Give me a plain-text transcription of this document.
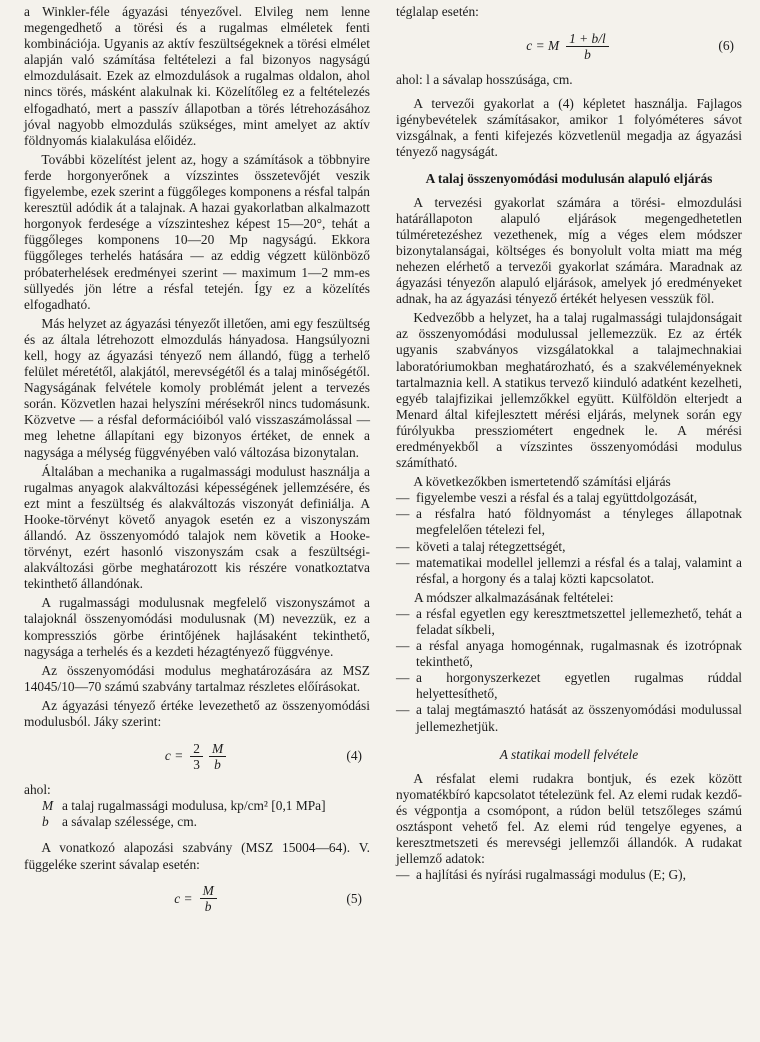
a Winkler-féle ágyazási tényezővel. Elvileg nem lenne megengedhető a törési és a rugalmas elméletek fenti kombinációja. Ugyanis az aktív feszültségeknek a törési elmélet alapján való számítása feltételezi a fal bizonyos nagyságú elmozdulásait. Ezek az elmozdulások a rugalmas oldalon, ahol nincs törés, másként alakulnak ki. Közelítőleg ez a feltételezés elfogadható, mert a passzív állapotban a törés létrehozásához jóval nagyobb elmozdulás szükséges, mint amelyet az aktív földnyomás kialakulása előidéz.

További közelítést jelent az, hogy a számítások a többnyire ferde horgonyerőnek a vízszintes összetevőjét veszik figyelembe, ezek szerint a függőleges komponens a résfal talpán keresztül adódik át a talajnak. A hazai gyakorlatban alkalmazott horgonyok ferdesége a vízszinteshez képest 15—20°, tehát a függőleges komponens 10—20 Mp nagyságú. Ekkora függőleges terhelés hatására — az eddig végzett különböző próbaterhelések eredményei szerint — maximum 1—2 mm-es süllyedés jön létre a résfal tetején. Így ez a közelítés elfogadható.

Más helyzet az ágyazási tényezőt illetően, ami egy feszültség és az általa létrehozott elmozdulás hányadosa. Hangsúlyozni kell, hogy az ágyazási tényező nem állandó, függ a terhelő felület méretétől, alakjától, merevségétől és a talaj minőségétől. Nagyságának felvétele komoly problémát jelent a tervezés során. Közvetlen hazai helyszíni mérésekről nincs tudomásunk. Közvetve — a résfal deformációiból való visszaszámolással — meg lehetne állapítani egy bizonyos értéket, de ennek a nagysága a mélység függvényében való változása bizonytalan.

Általában a mechanika a rugalmassági modulust használja a rugalmas anyagok alakváltozási képességének jellemzésére, és ezt mint a feszültség és alakváltozás viszonyát definiálja. A Hooke-törvényt követő anyagok esetén ez a viszonyszám állandó. Az összenyomódó talajok nem követik a Hooke-törvényt, ezért hasonló viszonyszám csak a feszültségi-alakváltozási görbe meghatározott kis részére vonatkoztatva tekinthető állandónak.

A rugalmassági modulusnak megfelelő viszonyszámot a talajoknál összenyomódási modulusnak (M) nevezzük, ez a kompressziós görbe érintőjének hajlásaként tekinthető, nagysága a terhelés és a kezdeti hézagtényező függvénye.

Az összenyomódási modulus meghatározására az MSZ 14045/10—70 számú szabvány tartalmaz részletes előírásokat.

Az ágyazási tényező értéke levezethető az összenyomódási modulusból. Jáky szerint:

$c = \frac{2}{3} \frac{M}{b}$	(4)

ahol:

M a talaj rugalmassági modulusa, kp/cm² [0,1 MPa]
b a sávalap szélessége, cm.

A vonatkozó alapozási szabvány (MSZ 15004—64). V. függeléke szerint sávalap esetén:

$c = \frac{M}{b}$	(5)

téglalap esetén:

c = M $\frac{1 + b/l}{b}$	(6)

ahol: l a sávalap hosszúsága, cm.

A tervezői gyakorlat a (4) képletet használja. Fajlagos igénybevételek számításakor, amikor 1 folyóméteres sávot vizsgálnak, a fenti kifejezés közvetlenül megadja az ágyazási tényező nagyságát.

A talaj összenyomódási modulusán alapuló eljárás

A tervezési gyakorlat számára a törési- elmozdulási határállapoton alapuló eljárások megengedhetetlen túlméretezéshez vezethenek, míg a véges elem módszer bizonytalanságai, költséges és bonyolult volta miatt ma még nehezen elérhető a tervezői gyakorlat számára. Maradnak az ágyazási tényezőn alapuló eljárások, amelyek jó eredményeket adnak, ha az ágyazási tényező értékét helyesen vesszük föl.

Kedvezőbb a helyzet, ha a talaj rugalmassági tulajdonságait az összenyomódási modulussal jellemezzük. Ez az érték ugyanis szabványos vizsgálatokkal a talajmechnakiai laboratóriumokban meghatározható, és a szakvéleményeknek tartalmaznia kell. A statikus tervező kiinduló adatként kezelheti, egyéb talajfizikai jellemzőkkel együtt. Külföldön elterjedt a Menard által kifejlesztett mérési eljárás, melynek során egy fúrólyukba pressziométert engednek le. A mérési eredményekből a vízszintes összenyomódási modulus számítható.

A következőkben ismertetendő számítási eljárás

— figyelembe veszi a résfal és a talaj együttdolgozását,
— a résfalra ható földnyomást a tényleges állapotnak megfelelően tételezi fel,
— követi a talaj rétegzettségét,
— matematikai modellel jellemzi a résfal és a talaj, valamint a résfal, a horgony és a talaj közti kapcsolatot.

A módszer alkalmazásának feltételei:

— a résfal egyetlen egy keresztmetszettel jellemezhető, tehát a feladat síkbeli,
— a résfal anyaga homogénnak, rugalmasnak és izotrópnak tekinthető,
— a horgonyszerkezet egyetlen rugalmas rúddal helyettesíthető,
— a talaj megtámasztó hatását az összenyomódási modulussal jellemezhetjük.
A statikai modell felvétele

A résfalat elemi rudakra bontjuk, és ezek között nyomatékbíró kapcsolatot tételezünk fel. Az elemi rudak kezdő- és végpontja a csomópont, a rúdon belül tetszőleges számú osztáspont vehető fel. Az elemi rúd tengelye egyenes, a keresztmetszeti és merevségi jellemzői állandók. A rudakat jellemző adatok:

— a hajlítási és nyírási rugalmassági modulus (E; G),
